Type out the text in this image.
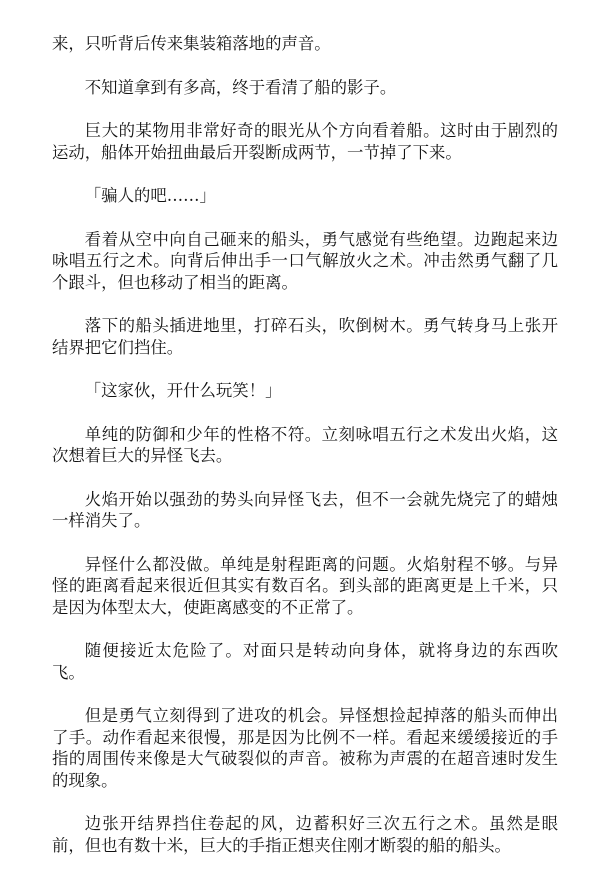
来，只听背后传来集装箱落地的声音。

不知道拿到有多高，终于看清了船的影子。

巨大的某物用非常好奇的眼光从个方向看着船。这时由于剧烈的运动，船体开始扭曲最后开裂断成两节，一节掉了下来。

「骗人的吧……」

看着从空中向自己砸来的船头，勇气感觉有些绝望。边跑起来边咏唱五行之术。向背后伸出手一口气解放火之术。冲击然勇气翻了几个跟斗，但也移动了相当的距离。

落下的船头插进地里，打碎石头，吹倒树木。勇气转身马上张开结界把它们挡住。

「这家伙，开什么玩笑！」

单纯的防御和少年的性格不符。立刻咏唱五行之术发出火焰，这次想着巨大的异怪飞去。

火焰开始以强劲的势头向异怪飞去，但不一会就先烧完了的蜡烛一样消失了。

异怪什么都没做。单纯是射程距离的问题。火焰射程不够。与异怪的距离看起来很近但其实有数百名。到头部的距离更是上千米，只是因为体型太大，使距离感变的不正常了。

随便接近太危险了。对面只是转动向身体，就将身边的东西吹飞。

但是勇气立刻得到了进攻的机会。异怪想捡起掉落的船头而伸出了手。动作看起来很慢，那是因为比例不一样。看起来缓缓接近的手指的周围传来像是大气破裂似的声音。被称为声震的在超音速时发生的现象。

边张开结界挡住卷起的风，边蓄积好三次五行之术。虽然是眼前，但也有数十米，巨大的手指正想夹住刚才断裂的船的船头。
